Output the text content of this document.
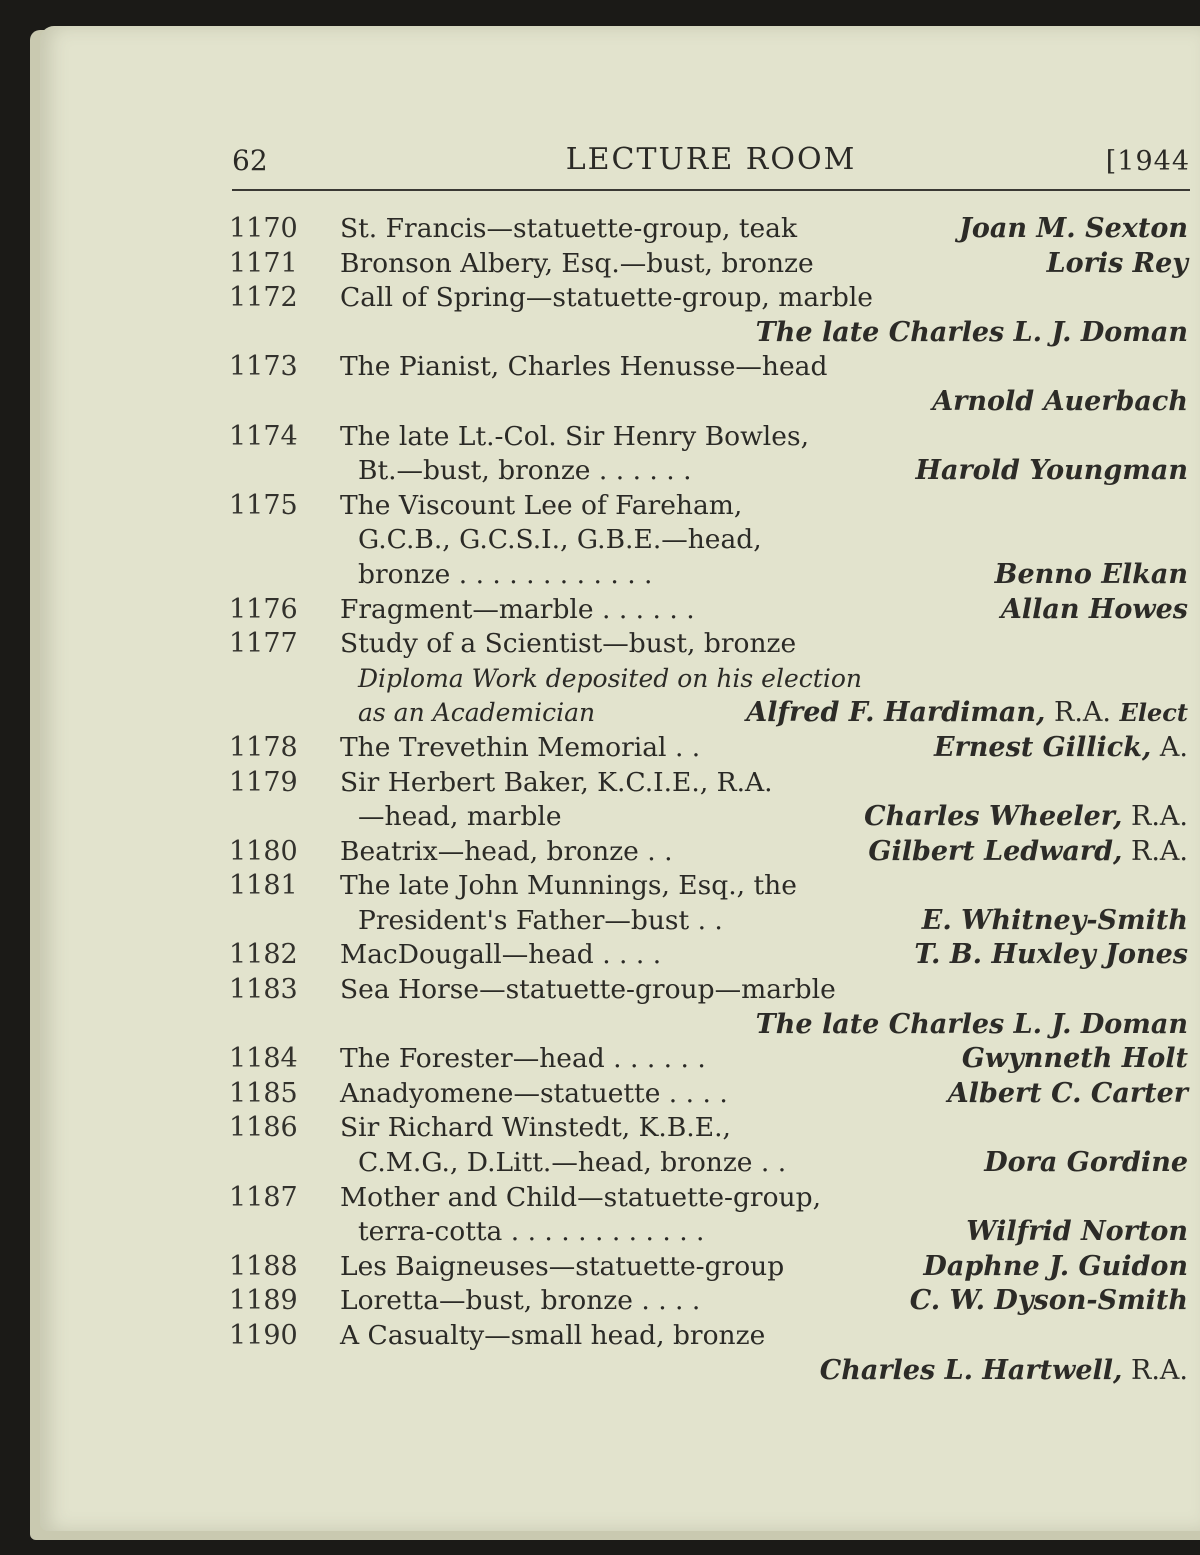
62	LECTURE ROOM	[1944
1170	St. Francis—statuette-group, teak	Joan M. Sexton
1171	Bronson Albery, Esq.—bust, bronze	Loris Rey
1172	Call of Spring—statuette-group, marble
The late Charles L. J. Doman
1173	The Pianist, Charles Henusse—head
Arnold Auerbach
1174	The late Lt.-Col. Sir Henry Bowles,
Bt.—bust, bronze . . . . . .	Harold Youngman
1175	The Viscount Lee of Fareham,
G.C.B., G.C.S.I., G.B.E.—head,
bronze . . . . . . . . . . . .	Benno Elkan
1176	Fragment—marble . . . . . .	Allan Howes
1177	Study of a Scientist—bust, bronze
Diploma Work deposited on his election
as an Academician	Alfred F. Hardiman, R.A. Elect
1178	The Trevethin Memorial . .	Ernest Gillick, A.
1179	Sir Herbert Baker, K.C.I.E., R.A.
—head, marble	Charles Wheeler, R.A.
1180	Beatrix—head, bronze . .	Gilbert Ledward, R.A.
1181	The late John Munnings, Esq., the
President's Father—bust . .	E. Whitney-Smith
1182	MacDougall—head . . . .	T. B. Huxley Jones
1183	Sea Horse—statuette-group—marble
The late Charles L. J. Doman
1184	The Forester—head . . . . . .	Gwynneth Holt
1185	Anadyomene—statuette . . . .	Albert C. Carter
1186	Sir Richard Winstedt, K.B.E.,
C.M.G., D.Litt.—head, bronze . .	Dora Gordine
1187	Mother and Child—statuette-group,
terra-cotta . . . . . . . . . . . .	Wilfrid Norton
1188	Les Baigneuses—statuette-group	Daphne J. Guidon
1189	Loretta—bust, bronze . . . .	C. W. Dyson-Smith
1190	A Casualty—small head, bronze
Charles L. Hartwell, R.A.
